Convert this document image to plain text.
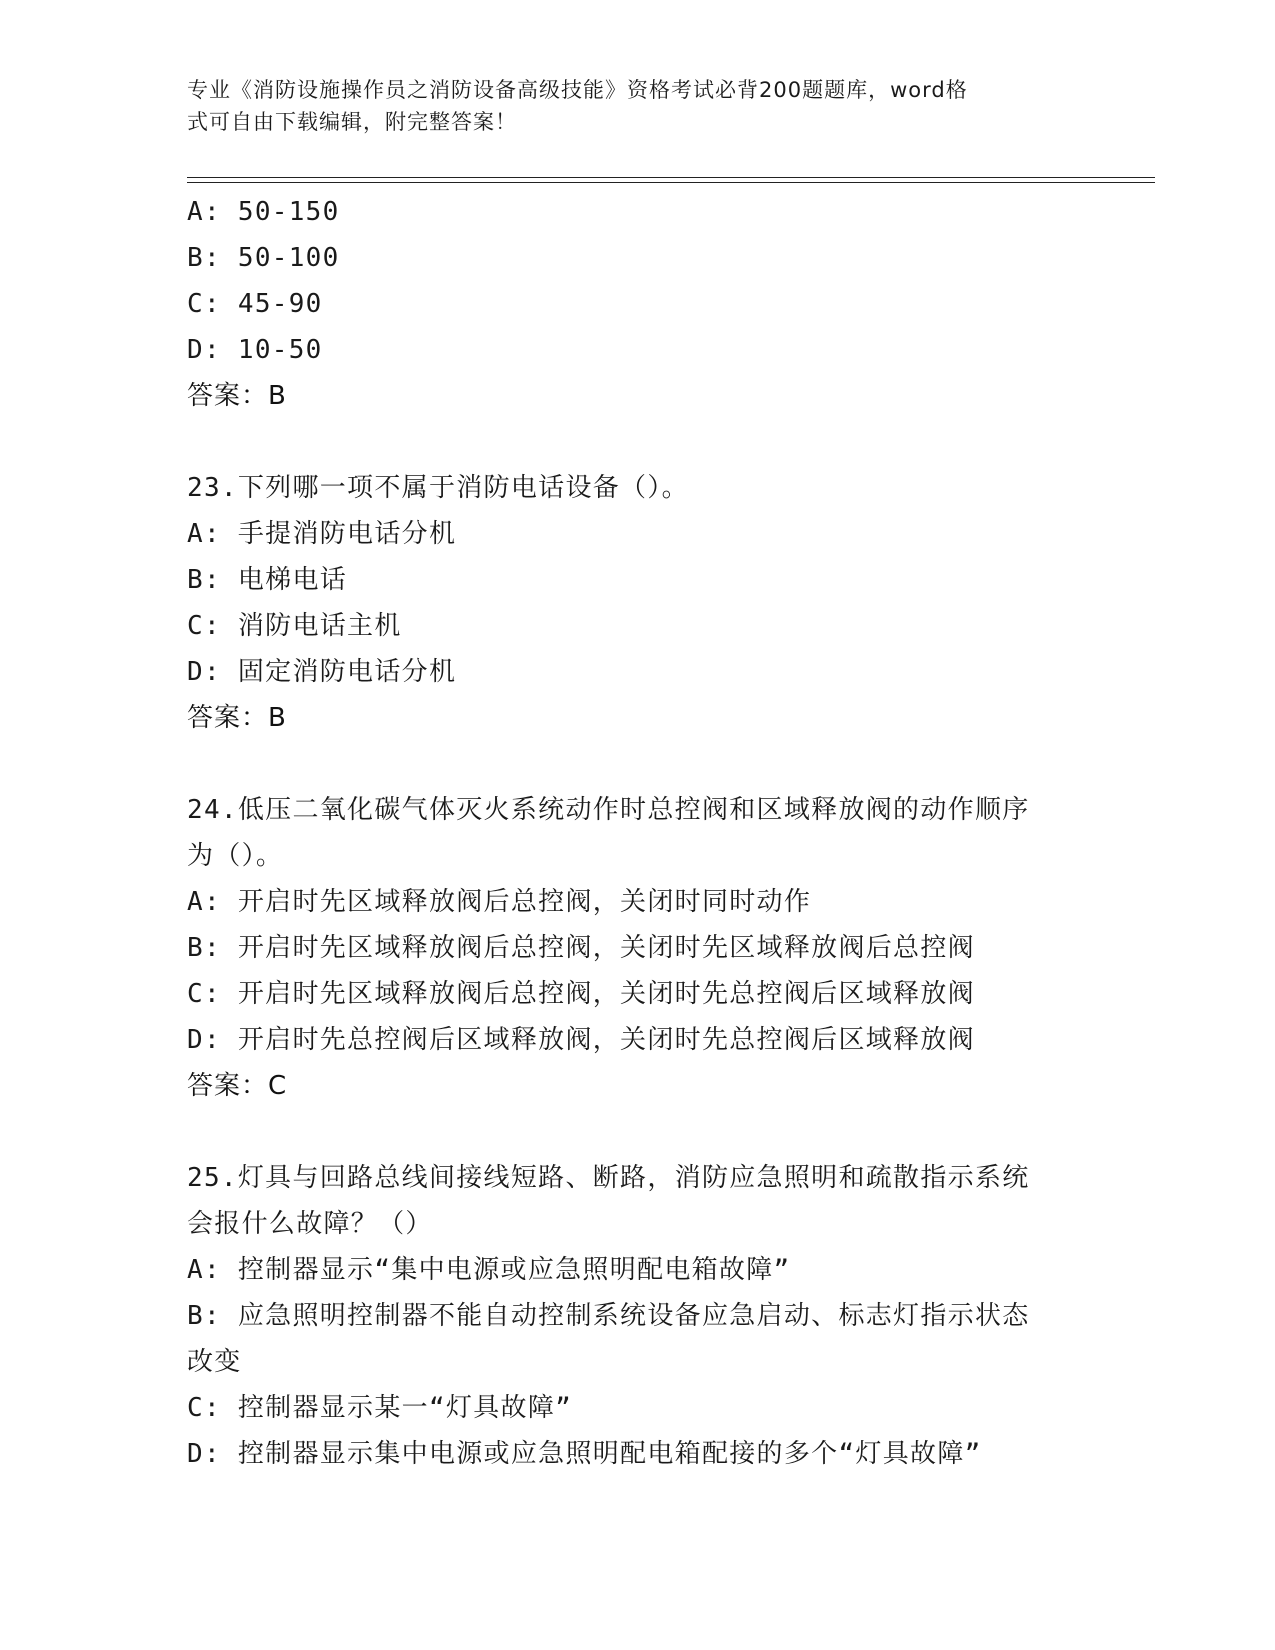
专业《消防设施操作员之消防设备高级技能》资格考试必背200题题库，word格
式可自由下载编辑，附完整答案！
A: 50-150
B: 50-100
C: 45-90
D: 10-50
答案：B
23.下列哪一项不属于消防电话设备（）。
A: 手提消防电话分机
B: 电梯电话
C: 消防电话主机
D: 固定消防电话分机
答案：B
24.低压二氧化碳气体灭火系统动作时总控阀和区域释放阀的动作顺序
为（）。
A: 开启时先区域释放阀后总控阀，关闭时同时动作
B: 开启时先区域释放阀后总控阀，关闭时先区域释放阀后总控阀
C: 开启时先区域释放阀后总控阀，关闭时先总控阀后区域释放阀
D: 开启时先总控阀后区域释放阀，关闭时先总控阀后区域释放阀
答案：C
25.灯具与回路总线间接线短路、断路，消防应急照明和疏散指示系统
会报什么故障？（）
A: 控制器显示“集中电源或应急照明配电箱故障”
B: 应急照明控制器不能自动控制系统设备应急启动、标志灯指示状态
改变
C: 控制器显示某一“灯具故障”
D: 控制器显示集中电源或应急照明配电箱配接的多个“灯具故障”
